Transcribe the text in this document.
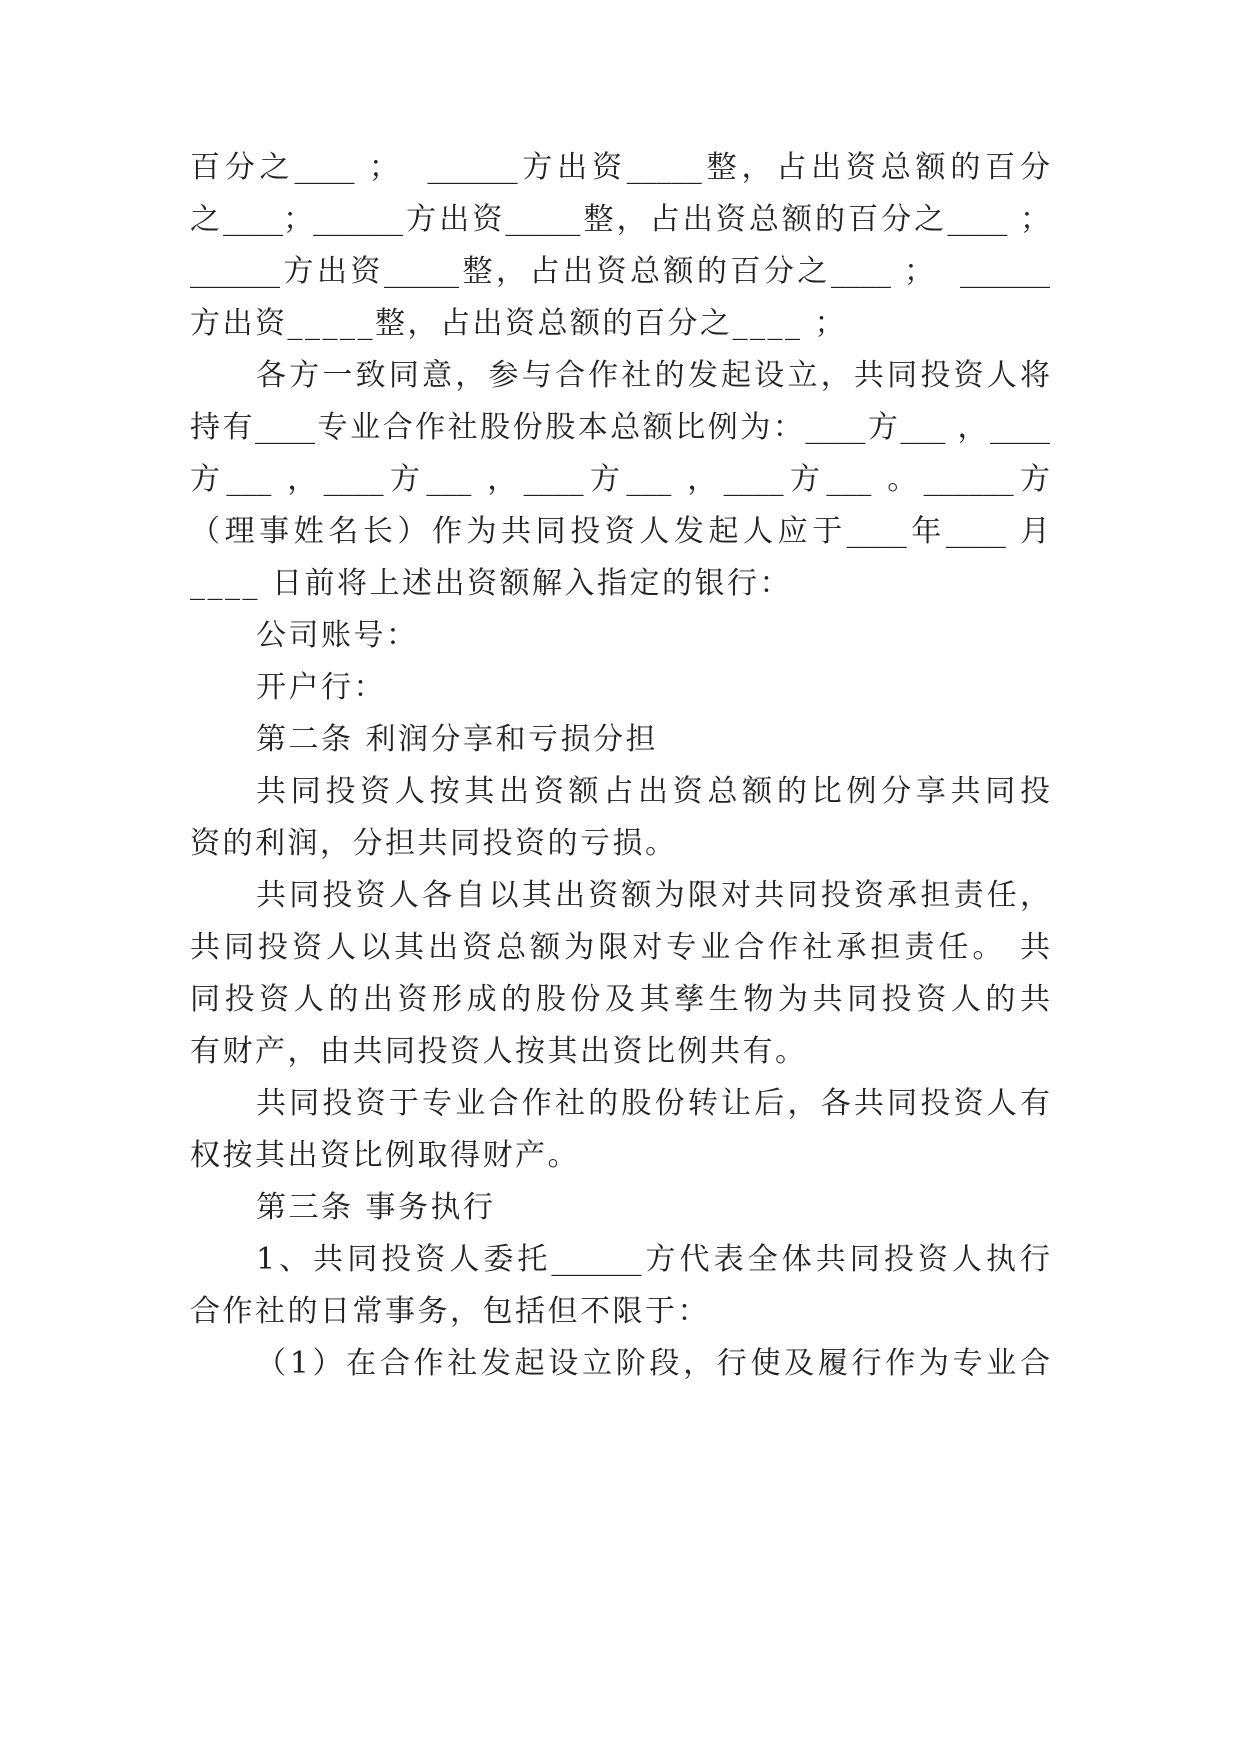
百分之____ ；  ______方出资_____整，占出资总额的百分
之____；______方出资_____整，占出资总额的百分之____ ；
______方出资_____整，占出资总额的百分之____ ；  ______
方出资_____整，占出资总额的百分之____ ；
各方一致同意，参与合作社的发起设立，共同投资人将
持有____专业合作社股份股本总额比例为：____方___ ，____
方___ ，____方___ ，____方___ ，____方___ 。______方
（理事姓名长）作为共同投资人发起人应于____年____ 月
____ 日前将上述出资额解入指定的银行：
公司账号：
开户行：
第二条 利润分享和亏损分担
共同投资人按其出资额占出资总额的比例分享共同投
资的利润，分担共同投资的亏损。
共同投资人各自以其出资额为限对共同投资承担责任，
共同投资人以其出资总额为限对专业合作社承担责任。 共
同投资人的出资形成的股份及其孳生物为共同投资人的共
有财产，由共同投资人按其出资比例共有。
共同投资于专业合作社的股份转让后，各共同投资人有
权按其出资比例取得财产。
第三条 事务执行
1、共同投资人委托______方代表全体共同投资人执行
合作社的日常事务，包括但不限于：
（1）在合作社发起设立阶段，行使及履行作为专业合
